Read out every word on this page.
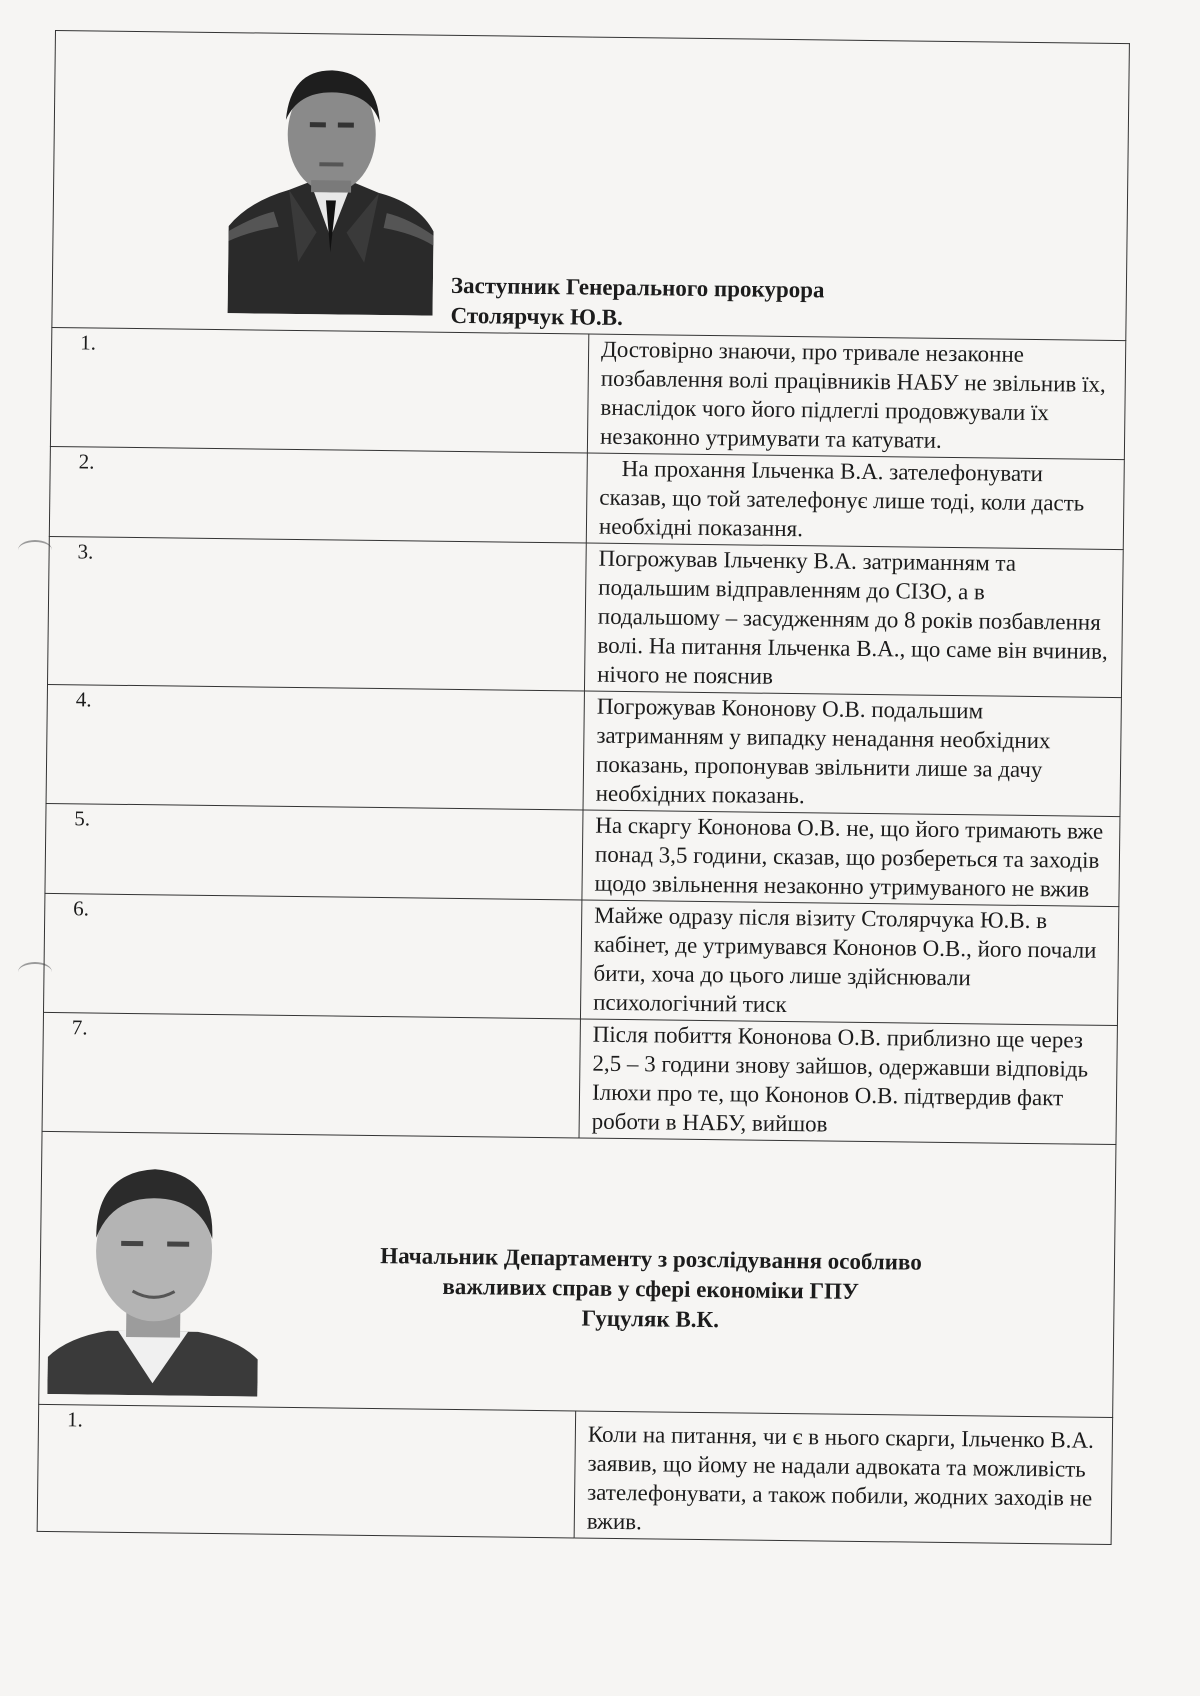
Заступник Генерального прокурора
Столярчук Ю.В.	

1.	Достовірно знаючи, про тривале незаконне позбавлення волі працівників НАБУ не звільнив їх, внаслідок чого його підлеглі продовжували їх незаконно утримувати та катувати.

2.	На прохання Ільченка В.А. зателефонувати сказав, що той зателефонує лише тоді, коли дасть необхідні показання.

3.	Погрожував Ільченку В.А. затриманням та подальшим відправленням до СІЗО, а в подальшому – засудженням до 8 років позбавлення волі. На питання Ільченка В.А., що саме він вчинив, нічого не пояснив

4.	Погрожував Кононову О.В. подальшим затриманням у випадку ненадання необхідних показань, пропонував звільнити лише за дачу необхідних показань.

5.	На скаргу Кононова О.В. не, що його тримають вже понад 3,5 години, сказав, що розбереться та заходів щодо звільнення незаконно утримуваного не вжив

6.	Майже одразу після візиту Столярчука Ю.В. в кабінет, де утримувався Кононов О.В., його почали бити, хоча до цього лише здійснювали психологічний тиск

7.	Після побиття Кононова О.В. приблизно ще через 2,5 – 3 години знову зайшов, одержавши відповідь Ілюхи про те, що Кононов О.В. підтвердив факт роботи в НАБУ, вийшов

Начальник Департаменту з розслідування особливо
важливих справ у сфері економіки ГПУ
Гуцуляк В.К.	

1.	Коли на питання, чи є в нього скарги, Ільченко В.А. заявив, що йому не надали адвоката та можливість зателефонувати, а також побили, жодних заходів не вжив.
